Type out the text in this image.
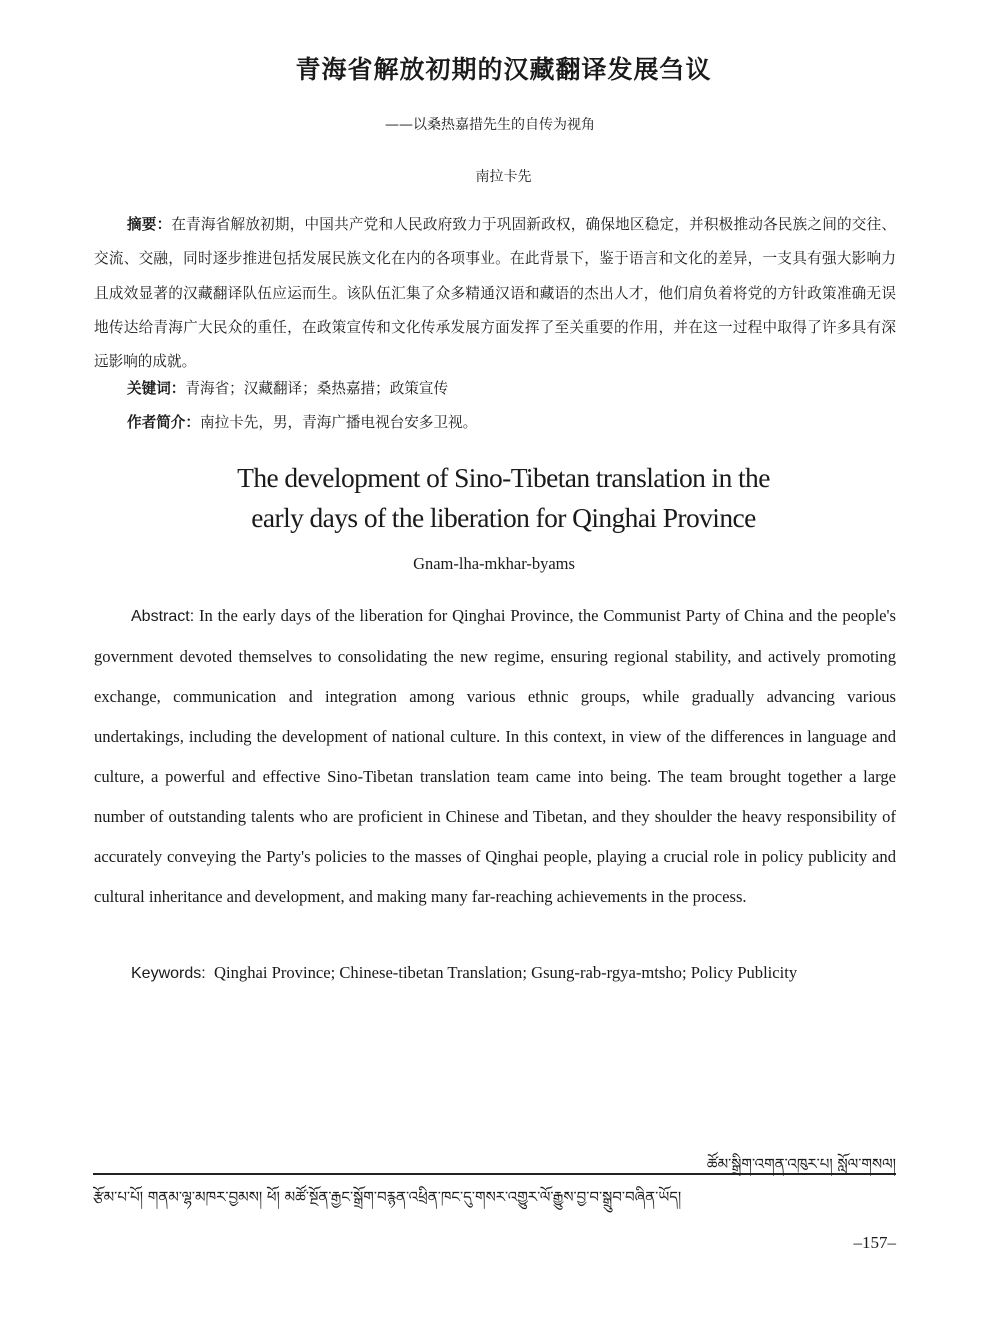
青海省解放初期的汉藏翻译发展刍议
——以桑热嘉措先生的自传为视角
南拉卡先
摘要：在青海省解放初期，中国共产党和人民政府致力于巩固新政权，确保地区稳定，并积极推动各民族之间的交往、交流、交融，同时逐步推进包括发展民族文化在内的各项事业。在此背景下，鉴于语言和文化的差异，一支具有强大影响力且成效显著的汉藏翻译队伍应运而生。该队伍汇集了众多精通汉语和藏语的杰出人才，他们肩负着将党的方针政策准确无误地传达给青海广大民众的重任，在政策宣传和文化传承发展方面发挥了至关重要的作用，并在这一过程中取得了许多具有深远影响的成就。
关键词：青海省；汉藏翻译；桑热嘉措；政策宣传
作者简介：南拉卡先，男，青海广播电视台安多卫视。
The development of Sino-Tibetan translation in the
early days of the liberation for Qinghai Province
Gnam-lha-mkhar-byams
Abstract: In the early days of the liberation for Qinghai Province, the Communist Party of China and the people's government devoted themselves to consolidating the new regime, ensuring regional stability, and actively promoting exchange, communication and integration among various ethnic groups, while gradually advancing various undertakings, including the development of national culture. In this context, in view of the differences in language and culture, a powerful and effective Sino-Tibetan translation team came into being. The team brought together a large number of outstanding talents who are proficient in Chinese and Tibetan, and they shoulder the heavy responsibility of accurately conveying the Party's policies to the masses of Qinghai people, playing a crucial role in policy publicity and cultural inheritance and development, and making many far-reaching achievements in the process.
Keywords: Qinghai Province; Chinese-tibetan Translation; Gsung-rab-rgya-mtsho; Policy Publicity
ཚོམ་སྒྲིག་འགན་འཁུར་པ། སློལ་གསལ།
རྩོམ་པ་པོ། གནམ་ལྷ་མཁར་བྱམས། ཕོ། མཚོ་སྔོན་རྒྱང་སྒྲོག་བརྙན་འཕྲིན་ཁང་དུ་གསར་འགྱུར་ལོ་རྒྱུས་བྱ་བ་སྒྲུབ་བཞིན་ཡོད།
–157–
